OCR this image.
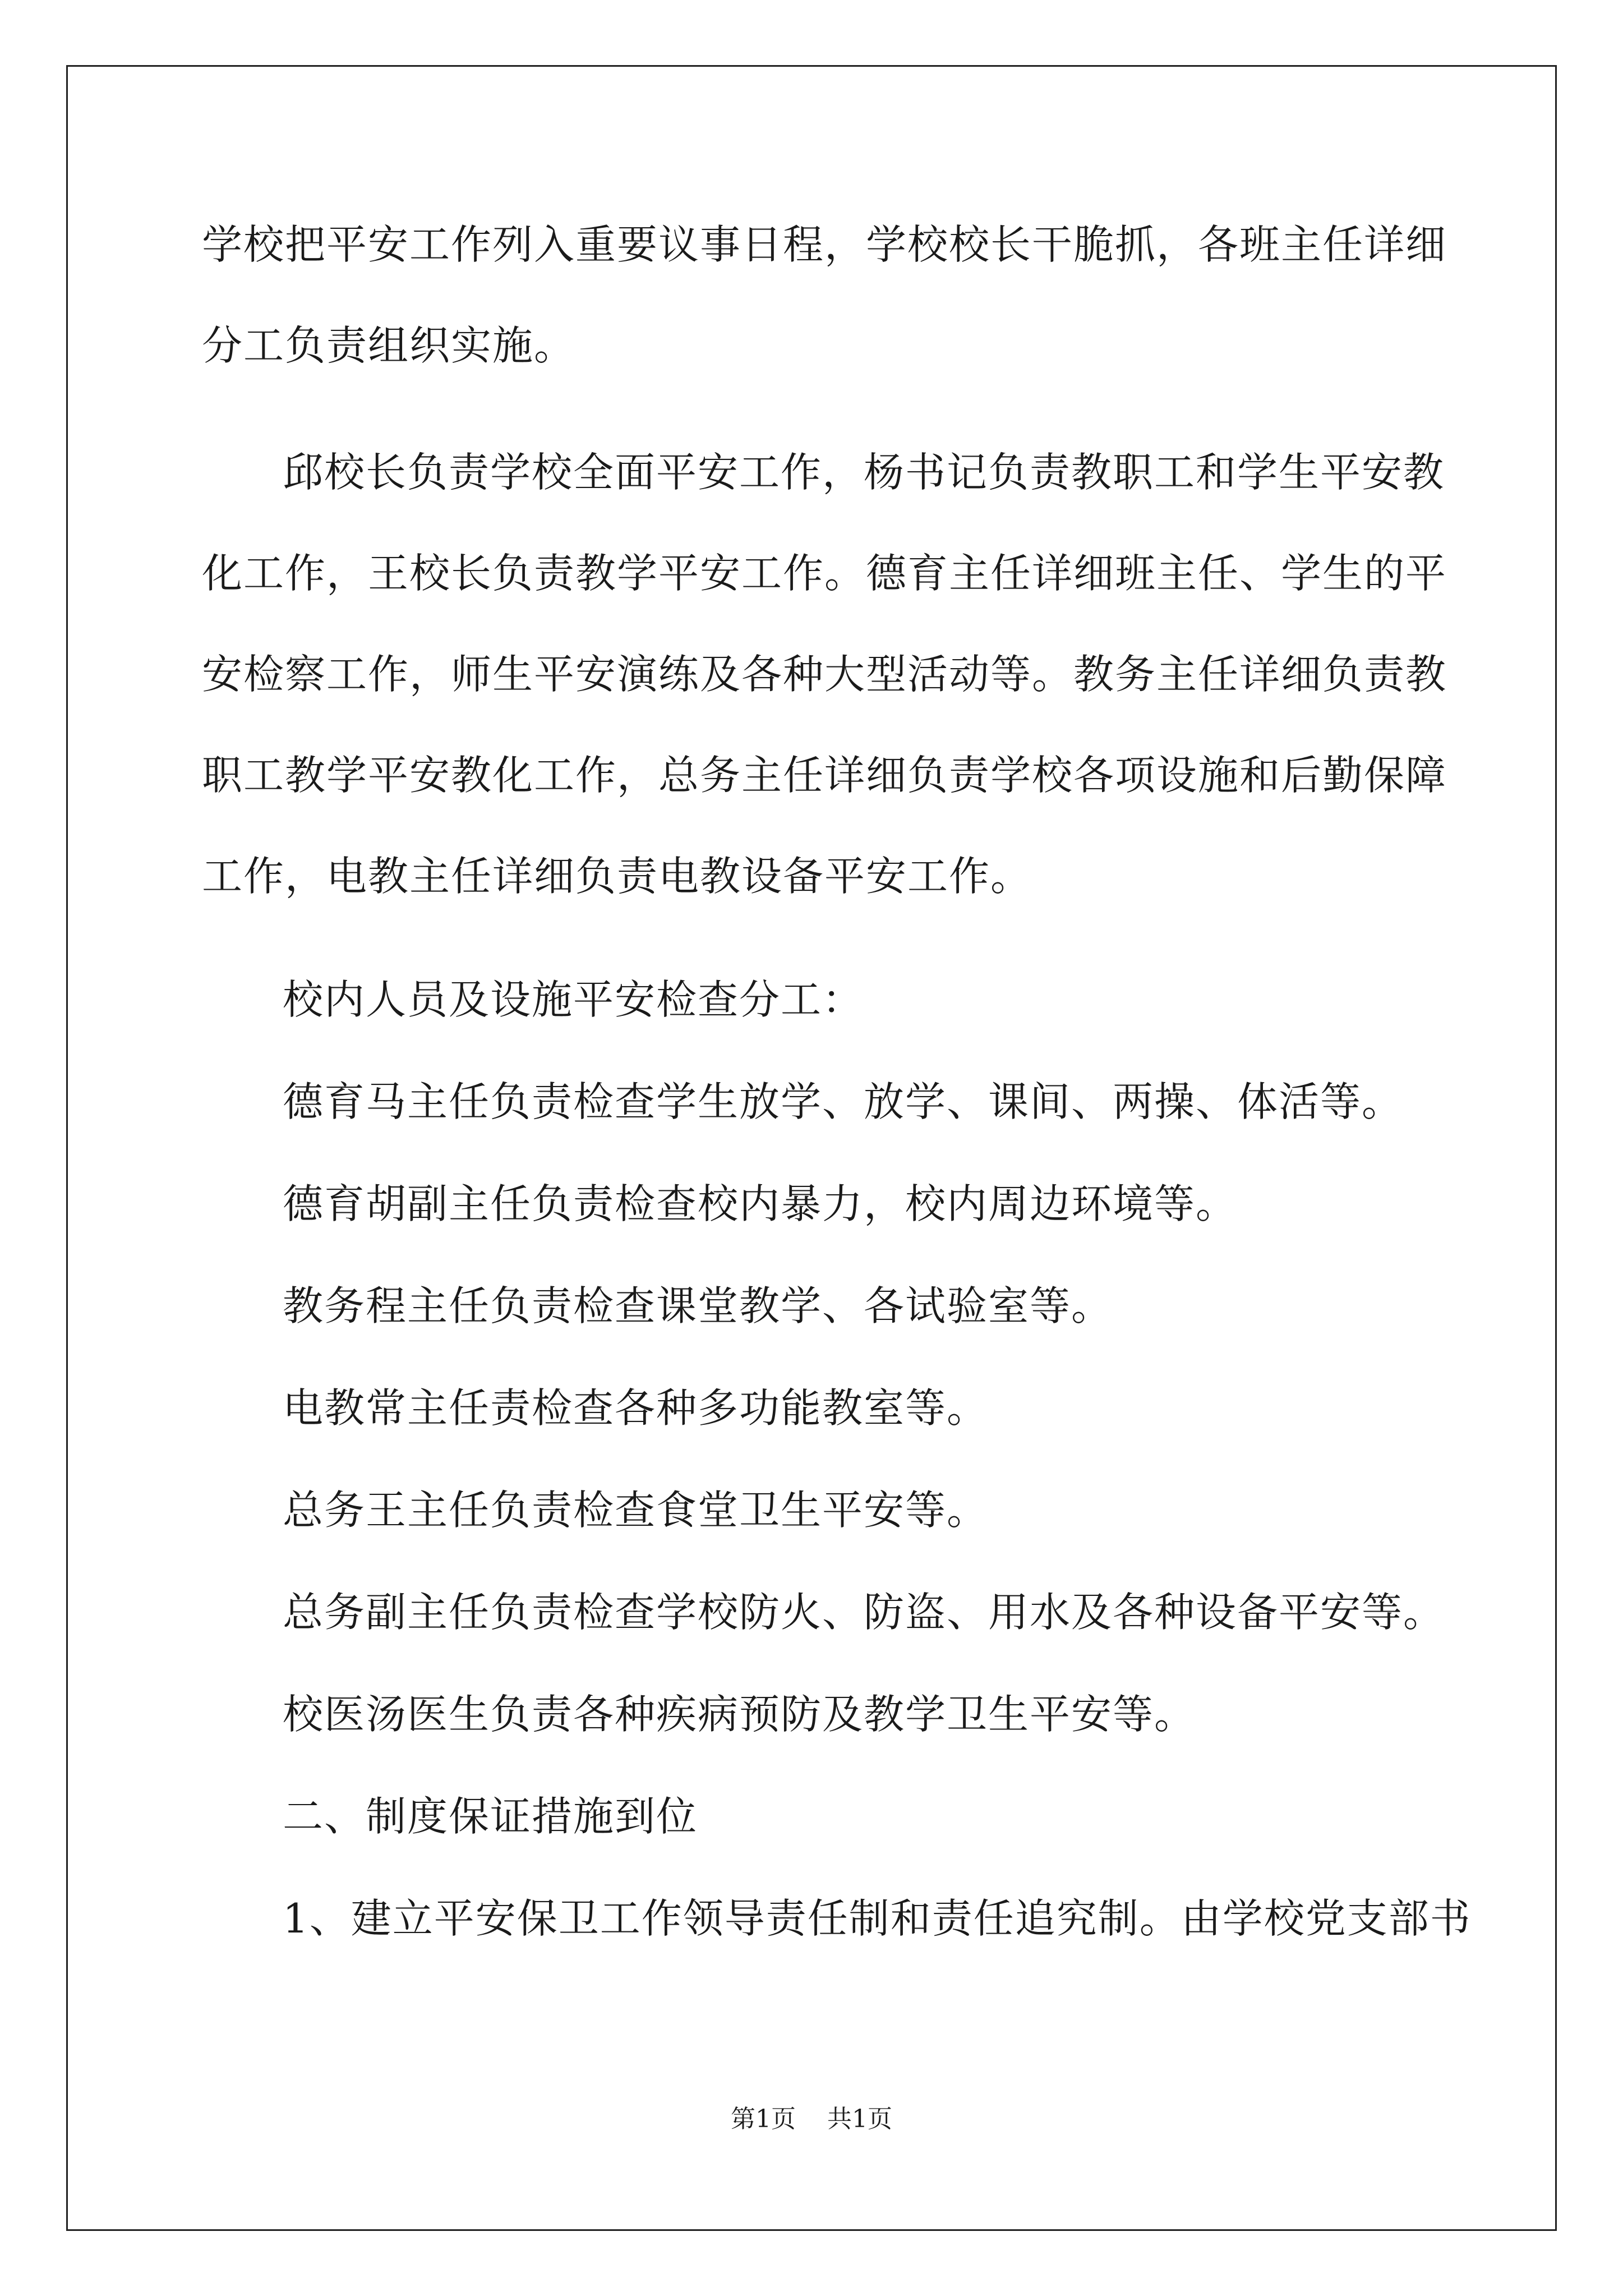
学校把平安工作列入重要议事日程，学校校长干脆抓，各班主任详细
分工负责组织实施。
邱校长负责学校全面平安工作，杨书记负责教职工和学生平安教
化工作，王校长负责教学平安工作。德育主任详细班主任、学生的平
安检察工作，师生平安演练及各种大型活动等。教务主任详细负责教
职工教学平安教化工作，总务主任详细负责学校各项设施和后勤保障
工作，电教主任详细负责电教设备平安工作。
校内人员及设施平安检查分工：
德育马主任负责检查学生放学、放学、课间、两操、体活等。
德育胡副主任负责检查校内暴力，校内周边环境等。
教务程主任负责检查课堂教学、各试验室等。
电教常主任责检查各种多功能教室等。
总务王主任负责检查食堂卫生平安等。
总务副主任负责检查学校防火、防盗、用水及各种设备平安等。
校医汤医生负责各种疾病预防及教学卫生平安等。
二、制度保证措施到位
1、建立平安保卫工作领导责任制和责任追究制。由学校党支部书
第1页 共1页
